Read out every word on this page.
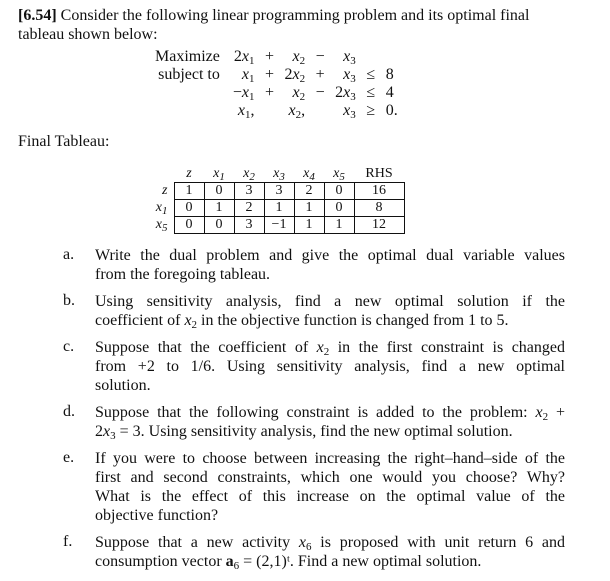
[6.54] Consider the following linear programming problem and its optimal final
tableau shown below:
Maximize	$2x_1$	+	$x_2$	−	$x_3$		
subject to	$x_1$	+	$2x_2$	+	$x_3$	≤	8
	$-x_1$	+	$x_2$	−	$2x_3$	≤	4
	$x_1$,		$x_2$,		$x_3$	≥	0.
Final Tableau:
	z	$x_1$	$x_2$	$x_3$	$x_4$	$x_5$	RHS
z	1	0	3	3	2	0	16
$x_1$	0	1	2	1	1	0	8
$x_5$	0	0	3	−1	1	1	12
a. Write the dual problem and give the optimal dual variable values
from the foregoing tableau.
b. Using sensitivity analysis, find a new optimal solution if the
coefficient of $x_2$ in the objective function is changed from 1 to 5.
c. Suppose that the coefficient of $x_2$ in the first constraint is changed
from +2 to 1/6. Using sensitivity analysis, find a new optimal
solution.
d. Suppose that the following constraint is added to the problem: $x_2$ +
$2x_3 = 3$. Using sensitivity analysis, find the new optimal solution.
e. If you were to choose between increasing the right–hand–side of the
first and second constraints, which one would you choose? Why?
What is the effect of this increase on the optimal value of the
objective function?
f. Suppose that a new activity $x_6$ is proposed with unit return 6 and
consumption vector $a_6$ = (2,1)ᵗ. Find a new optimal solution.
